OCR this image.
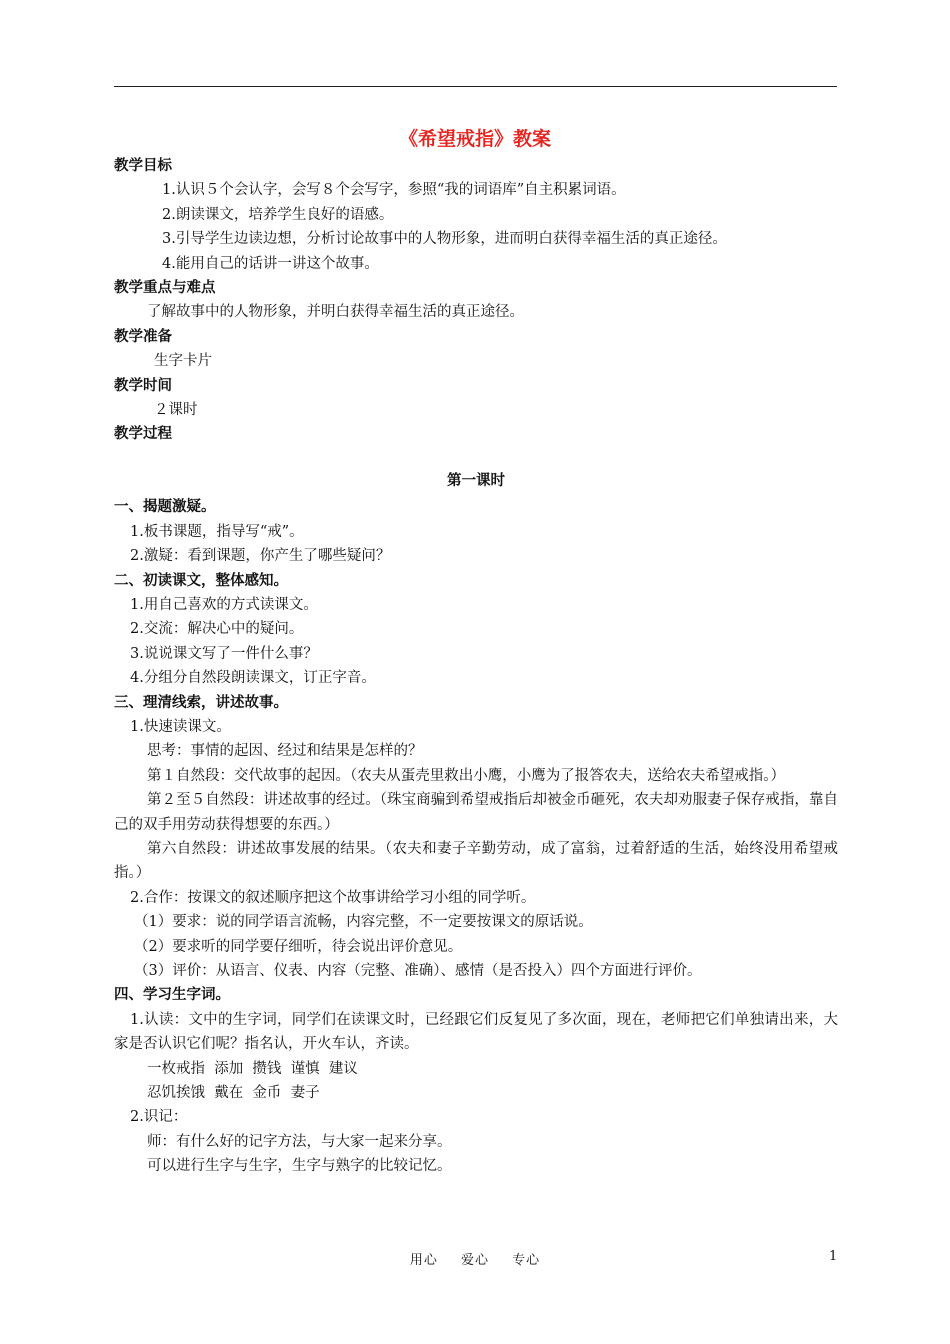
《希望戒指》教案
教学目标
1.认识５个会认字，会写８个会写字，参照“我的词语库”自主积累词语。
2.朗读课文，培养学生良好的语感。
3.引导学生边读边想，分析讨论故事中的人物形象，进而明白获得幸福生活的真正途径。
4.能用自己的话讲一讲这个故事。
教学重点与难点
了解故事中的人物形象，并明白获得幸福生活的真正途径。
教学准备
生字卡片
教学时间
２课时
教学过程
第一课时
一、揭题激疑。
1.板书课题，指导写“戒”。
2.激疑：看到课题，你产生了哪些疑问？
二、初读课文，整体感知。
1.用自己喜欢的方式读课文。
2.交流：解决心中的疑问。
3.说说课文写了一件什么事？
4.分组分自然段朗读课文，订正字音。
三、理清线索，讲述故事。
1.快速读课文。
思考：事情的起因、经过和结果是怎样的？
第１自然段：交代故事的起因。（农夫从蛋壳里救出小鹰，小鹰为了报答农夫，送给农夫希望戒指。）
第２至５自然段：讲述故事的经过。（珠宝商骗到希望戒指后却被金币砸死，农夫却劝服妻子保存戒指，靠自己的双手用劳动获得想要的东西。）
第六自然段：讲述故事发展的结果。（农夫和妻子辛勤劳动，成了富翁，过着舒适的生活，始终没用希望戒指。）
2.合作：按课文的叙述顺序把这个故事讲给学习小组的同学听。
（1）要求：说的同学语言流畅，内容完整，不一定要按课文的原话说。
（2）要求听的同学要仔细听，待会说出评价意见。
（3）评价：从语言、仪表、内容（完整、准确）、感情（是否投入）四个方面进行评价。
四、学习生字词。
1.认读：文中的生字词，同学们在读课文时，已经跟它们反复见了多次面，现在，老师把它们单独请出来，大家是否认识它们呢？指名认，开火车认，齐读。
一枚戒指  添加  攒钱  谨慎  建议
忍饥挨饿  戴在  金币  妻子
2.识记：
师：有什么好的记字方法，与大家一起来分享。
可以进行生字与生字，生字与熟字的比较记忆。
用心 爱心 专心	1
